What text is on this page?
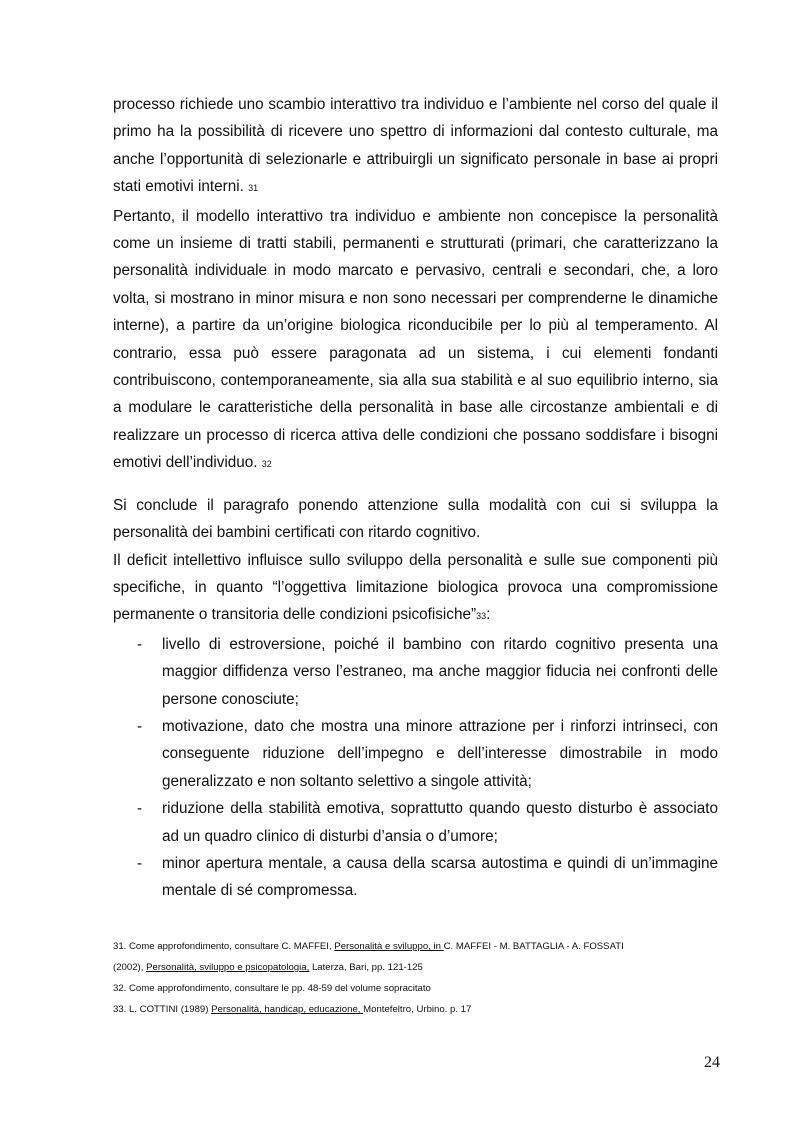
processo richiede uno scambio interattivo tra individuo e l’ambiente nel corso del quale il primo ha la possibilità di ricevere uno spettro di informazioni dal contesto culturale, ma anche l’opportunità di selezionarle e attribuirgli un significato personale in base ai propri stati emotivi interni. 31

Pertanto, il modello interattivo tra individuo e ambiente non concepisce la personalità come un insieme di tratti stabili, permanenti e strutturati (primari, che caratterizzano la personalità individuale in modo marcato e pervasivo, centrali e secondari, che, a loro volta, si mostrano in minor misura e non sono necessari per comprenderne le dinamiche interne), a partire da un’origine biologica riconducibile per lo più al temperamento. Al contrario, essa può essere paragonata ad un sistema, i cui elementi fondanti contribuiscono, contemporaneamente, sia alla sua stabilità e al suo equilibrio interno, sia a modulare le caratteristiche della personalità in base alle circostanze ambientali e di realizzare un processo di ricerca attiva delle condizioni che possano soddisfare i bisogni emotivi dell’individuo. 32

Si conclude il paragrafo ponendo attenzione sulla modalità con cui si sviluppa la personalità dei bambini certificati con ritardo cognitivo.

Il deficit intellettivo influisce sullo sviluppo della personalità e sulle sue componenti più specifiche, in quanto “l’oggettiva limitazione biologica provoca una compromissione permanente o transitoria delle condizioni psicofisiche”33:

- livello di estroversione, poiché il bambino con ritardo cognitivo presenta una maggior diffidenza verso l’estraneo, ma anche maggior fiducia nei confronti delle persone conosciute;
- motivazione, dato che mostra una minore attrazione per i rinforzi intrinseci, con conseguente riduzione dell’impegno e dell’interesse dimostrabile in modo generalizzato e non soltanto selettivo a singole attività;
- riduzione della stabilità emotiva, soprattutto quando questo disturbo è associato ad un quadro clinico di disturbi d’ansia o d’umore;
- minor apertura mentale, a causa della scarsa autostima e quindi di un’immagine mentale di sé compromessa.

31. Come approfondimento, consultare C. MAFFEI, Personalità e sviluppo, in C. MAFFEI - M. BATTAGLIA - A. FOSSATI

(2002), Personalità, sviluppo e psicopatologia, Laterza, Bari, pp. 121-125

32. Come approfondimento, consultare le pp. 48-59 del volume sopracitato

33. L. COTTINI (1989) Personalità, handicap, educazione, Montefeltro, Urbino. p. 17

24
